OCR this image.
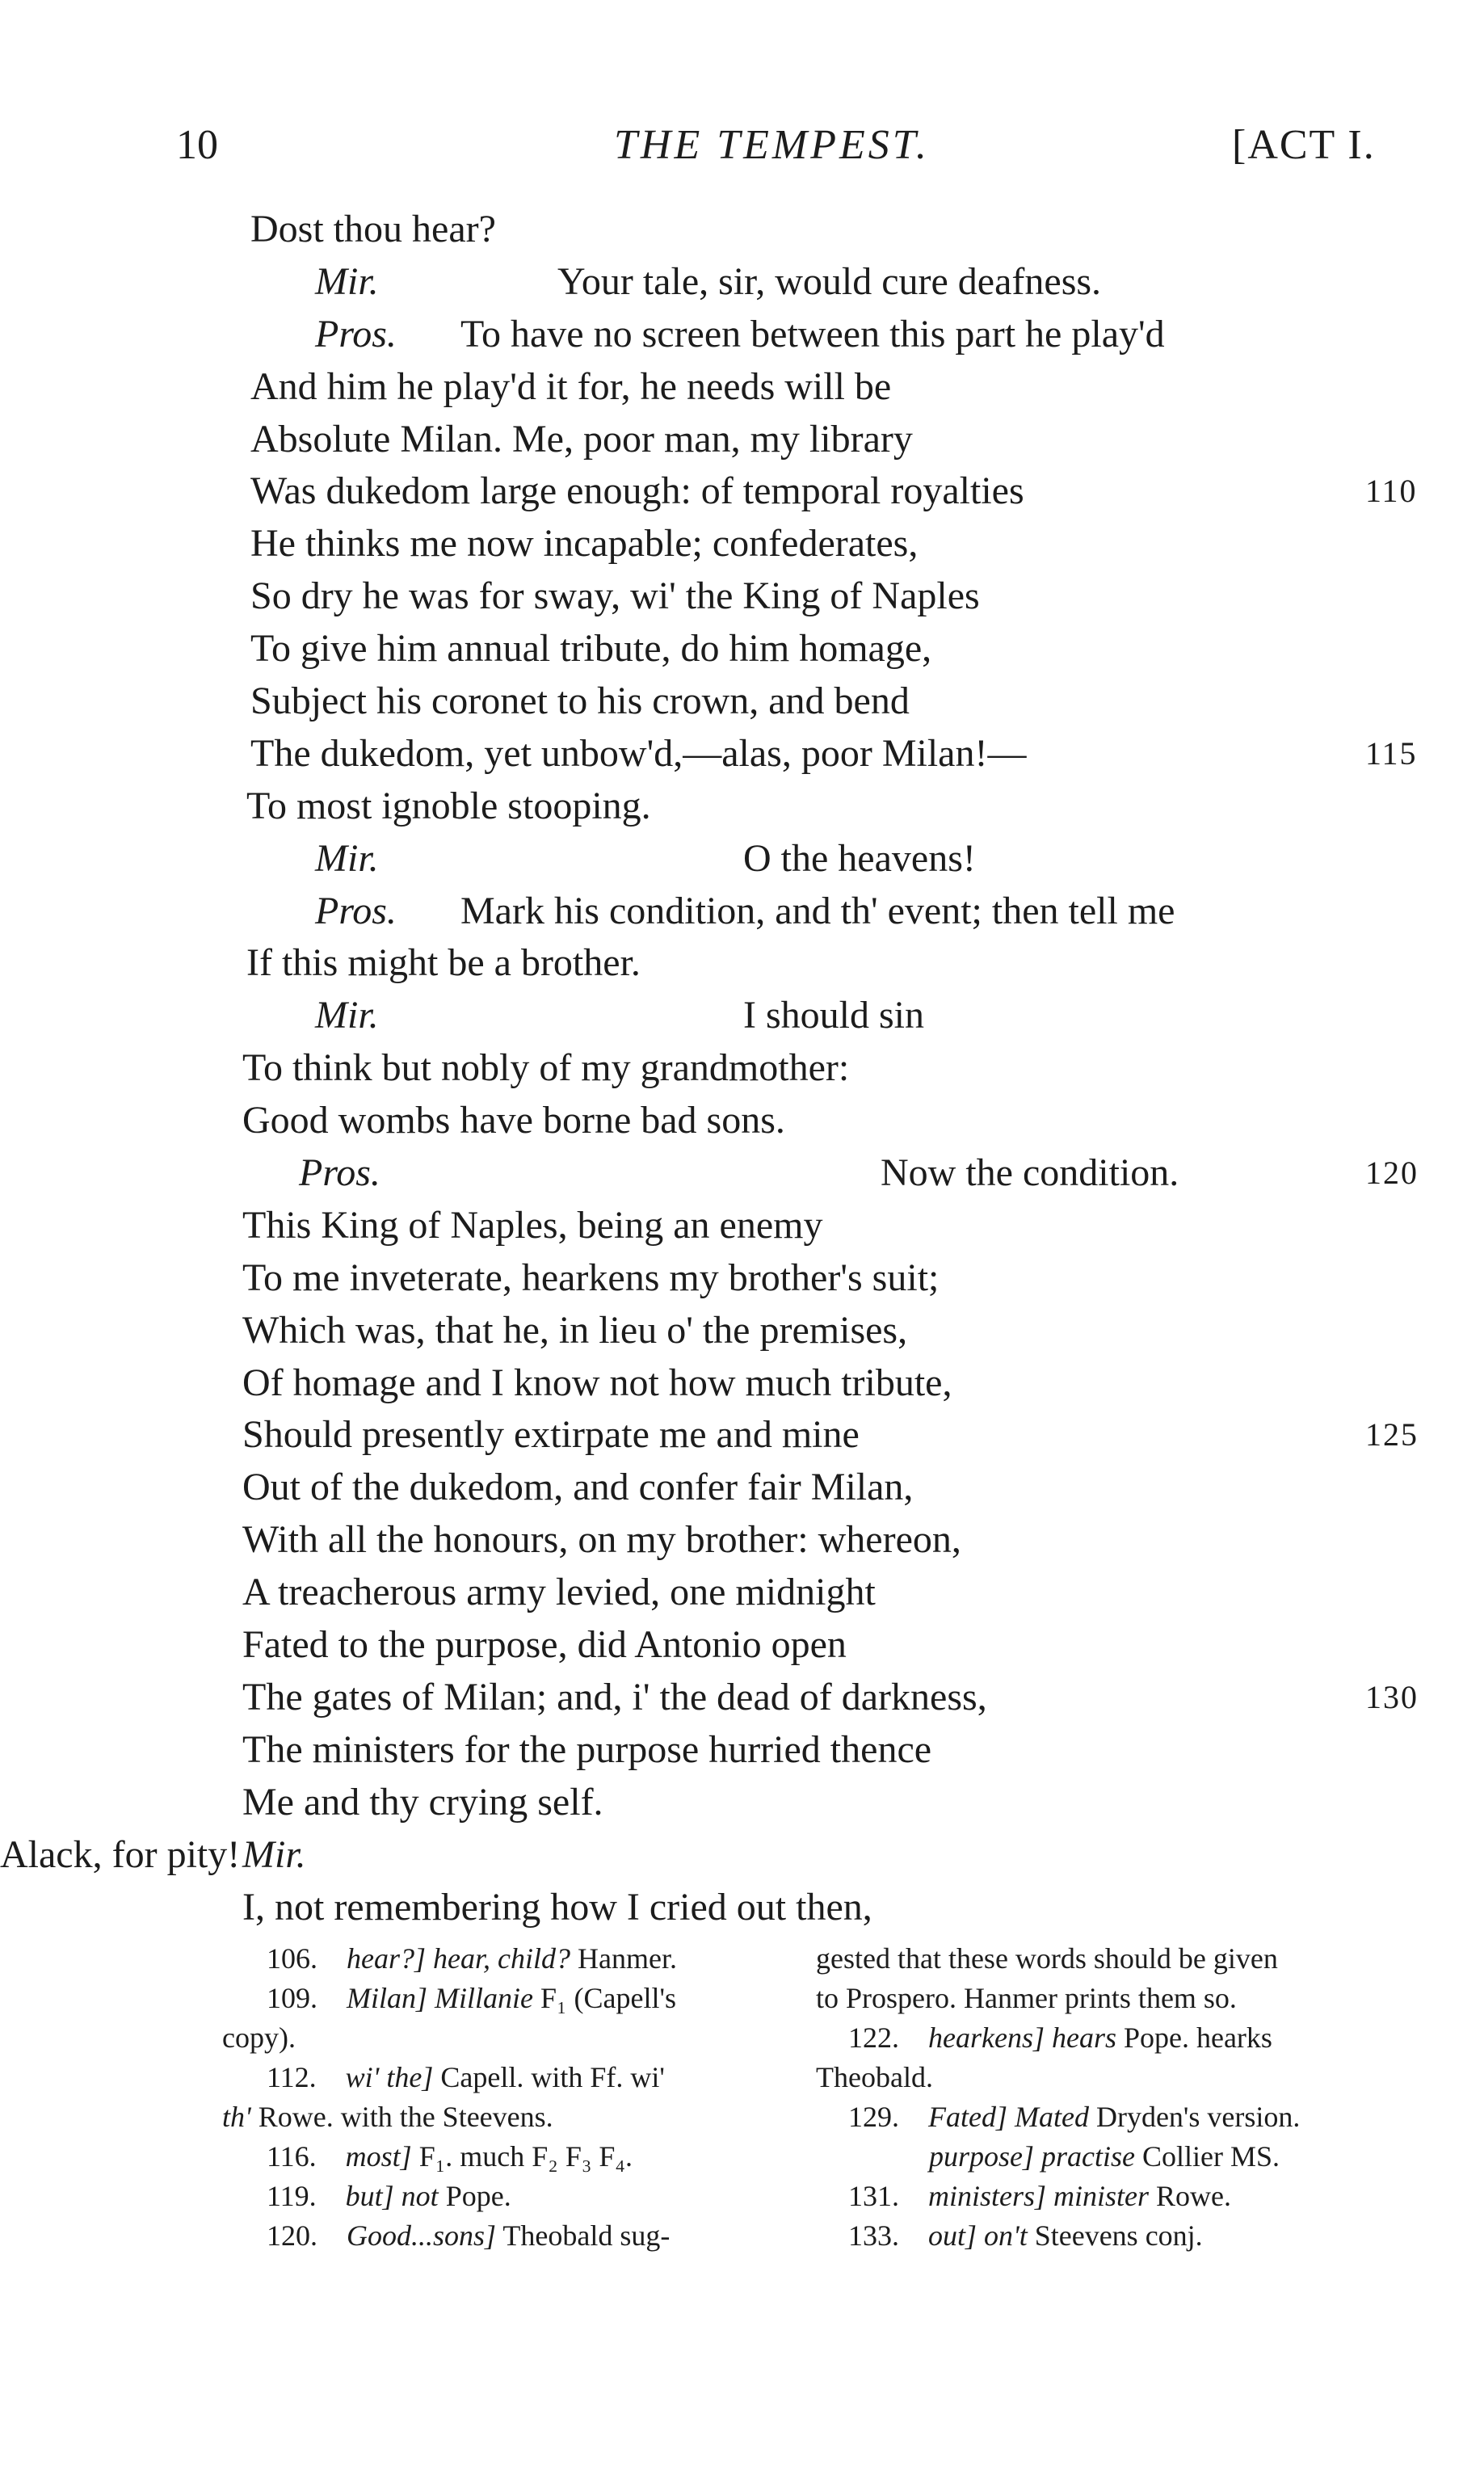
10	THE TEMPEST.	[ACT I.
Dost thou hear?
Mir.	Your tale, sir, would cure deafness.
Pros. To have no screen between this part he play'd
And him he play'd it for, he needs will be
Absolute Milan. Me, poor man, my library
Was dukedom large enough: of temporal royalties	110
He thinks me now incapable; confederates,
So dry he was for sway, wi' the King of Naples
To give him annual tribute, do him homage,
Subject his coronet to his crown, and bend
The dukedom, yet unbow'd,—alas, poor Milan!—	115
To most ignoble stooping.
Mir.	O the heavens!
Pros. Mark his condition, and th' event; then tell me
If this might be a brother.
Mir.	I should sin
To think but nobly of my grandmother:
Good wombs have borne bad sons.
Pros.	Now the condition.	120
This King of Naples, being an enemy
To me inveterate, hearkens my brother's suit;
Which was, that he, in lieu o' the premises,
Of homage and I know not how much tribute,
Should presently extirpate me and mine	125
Out of the dukedom, and confer fair Milan,
With all the honours, on my brother: whereon,
A treacherous army levied, one midnight
Fated to the purpose, did Antonio open
The gates of Milan; and, i' the dead of darkness,	130
The ministers for the purpose hurried thence
Me and thy crying self.
Mir.
Alack, for pity!
I, not remembering how I cried out then,
106.  hear?] hear, child? Hanmer.
109.  Milan] Millanie F₁ (Capell's
copy).
112.  wi' the] Capell. with Ff. wi'
th' Rowe. with the Steevens.
116.  most] F₁. much F₂ F₃ F₄.
119.  but] not Pope.
120.  Good...sons] Theobald sug-
gested that these words should be given
to Prospero. Hanmer prints them so.
122.  hearkens] hears Pope. hearks
Theobald.
129.  Fated] Mated Dryden's version.
purpose] practise Collier MS.
131.  ministers] minister Rowe.
133.  out] on't Steevens conj.
